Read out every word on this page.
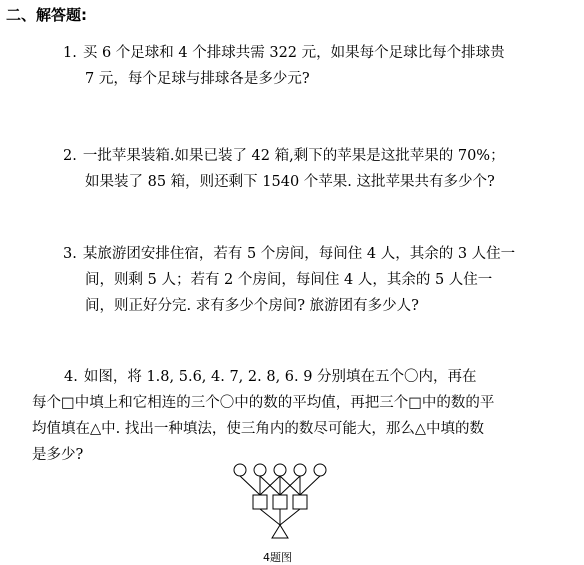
二、解答题:
1. 买 6 个足球和 4 个排球共需 322 元，如果每个足球比每个排球贵
7 元，每个足球与排球各是多少元?
2. 一批苹果装箱.如果已装了 42 箱,剩下的苹果是这批苹果的 70%；
如果装了 85 箱，则还剩下 1540 个苹果. 这批苹果共有多少个?
3. 某旅游团安排住宿，若有 5 个房间，每间住 4 人，其余的 3 人住一
间，则剩 5 人；若有 2 个房间，每间住 4 人，其余的 5 人住一
间，则正好分完. 求有多少个房间? 旅游团有多少人?
4. 如图，将 1.8, 5.6, 4. 7, 2. 8, 6. 9 分别填在五个〇内，再在
每个□中填上和它相连的三个〇中的数的平均值，再把三个□中的数的平
均值填在△中. 找出一种填法，使三角内的数尽可能大，那么△中填的数
是多少?
4题图
